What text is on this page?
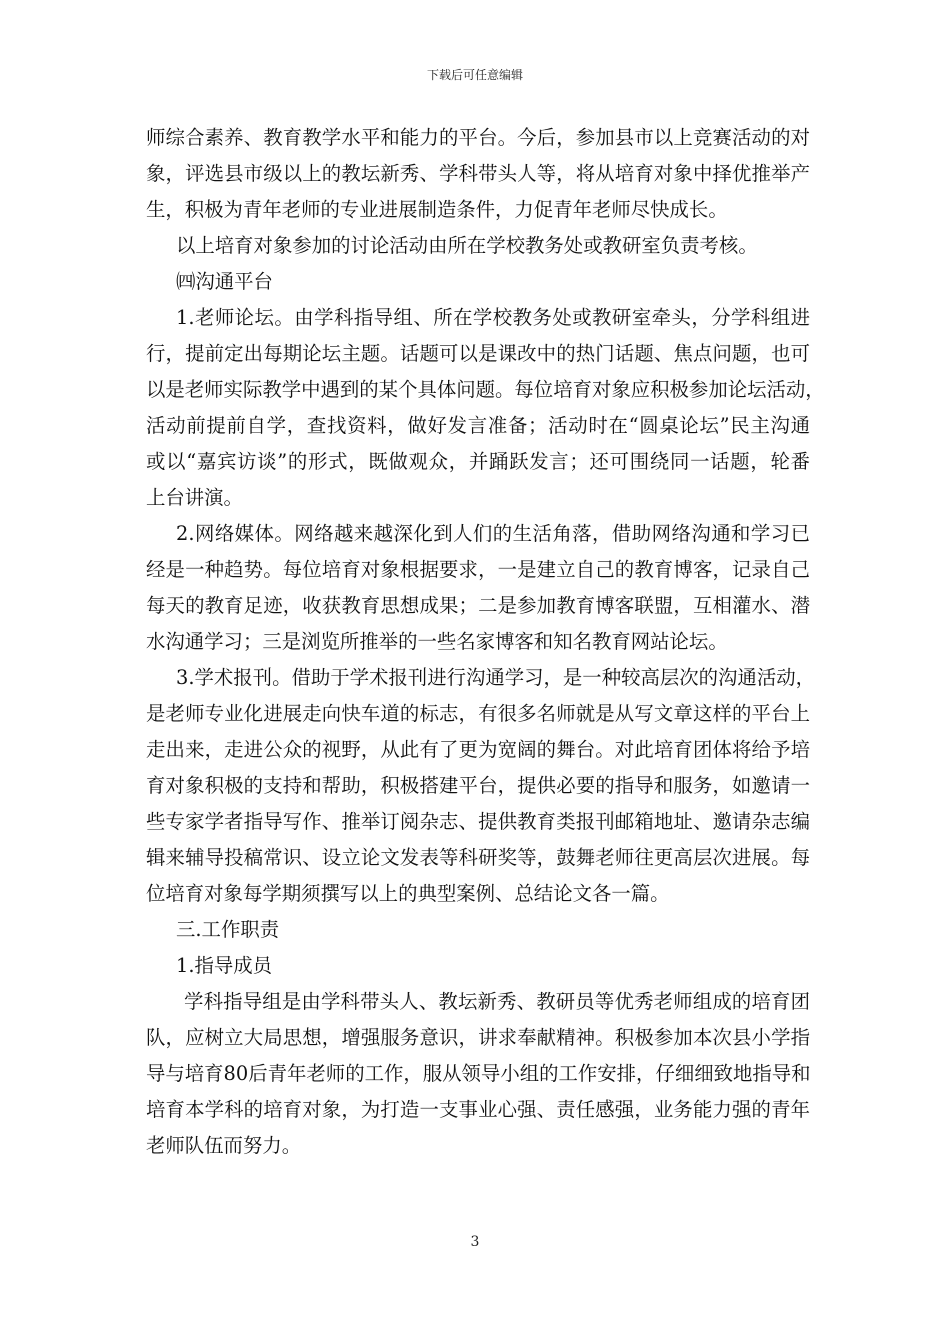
下载后可任意编辑
师综合素养、教育教学水平和能力的平台。今后，参加县市以上竞赛活动的对
象，评选县市级以上的教坛新秀、学科带头人等，将从培育对象中择优推举产
生，积极为青年老师的专业进展制造条件，力促青年老师尽快成长。
以上培育对象参加的讨论活动由所在学校教务处或教研室负责考核。
㈣沟通平台
1.老师论坛。由学科指导组、所在学校教务处或教研室牵头，分学科组进
行，提前定出每期论坛主题。话题可以是课改中的热门话题、焦点问题，也可
以是老师实际教学中遇到的某个具体问题。每位培育对象应积极参加论坛活动，
活动前提前自学，查找资料，做好发言准备；活动时在“圆桌论坛”民主沟通
或以“嘉宾访谈”的形式，既做观众，并踊跃发言；还可围绕同一话题，轮番
上台讲演。
2.网络媒体。网络越来越深化到人们的生活角落，借助网络沟通和学习已
经是一种趋势。每位培育对象根据要求，一是建立自己的教育博客，记录自己
每天的教育足迹，收获教育思想成果；二是参加教育博客联盟，互相灌水、潜
水沟通学习；三是浏览所推举的一些名家博客和知名教育网站论坛。
3.学术报刊。借助于学术报刊进行沟通学习，是一种较高层次的沟通活动，
是老师专业化进展走向快车道的标志，有很多名师就是从写文章这样的平台上
走出来，走进公众的视野，从此有了更为宽阔的舞台。对此培育团体将给予培
育对象积极的支持和帮助，积极搭建平台，提供必要的指导和服务，如邀请一
些专家学者指导写作、推举订阅杂志、提供教育类报刊邮箱地址、邀请杂志编
辑来辅导投稿常识、设立论文发表等科研奖等，鼓舞老师往更高层次进展。每
位培育对象每学期须撰写以上的典型案例、总结论文各一篇。
三.工作职责
1.指导成员
学科指导组是由学科带头人、教坛新秀、教研员等优秀老师组成的培育团
队，应树立大局思想，增强服务意识，讲求奉献精神。积极参加本次县小学指
导与培育80后青年老师的工作，服从领导小组的工作安排，仔细细致地指导和
培育本学科的培育对象，为打造一支事业心强、责任感强，业务能力强的青年
老师队伍而努力。
3
